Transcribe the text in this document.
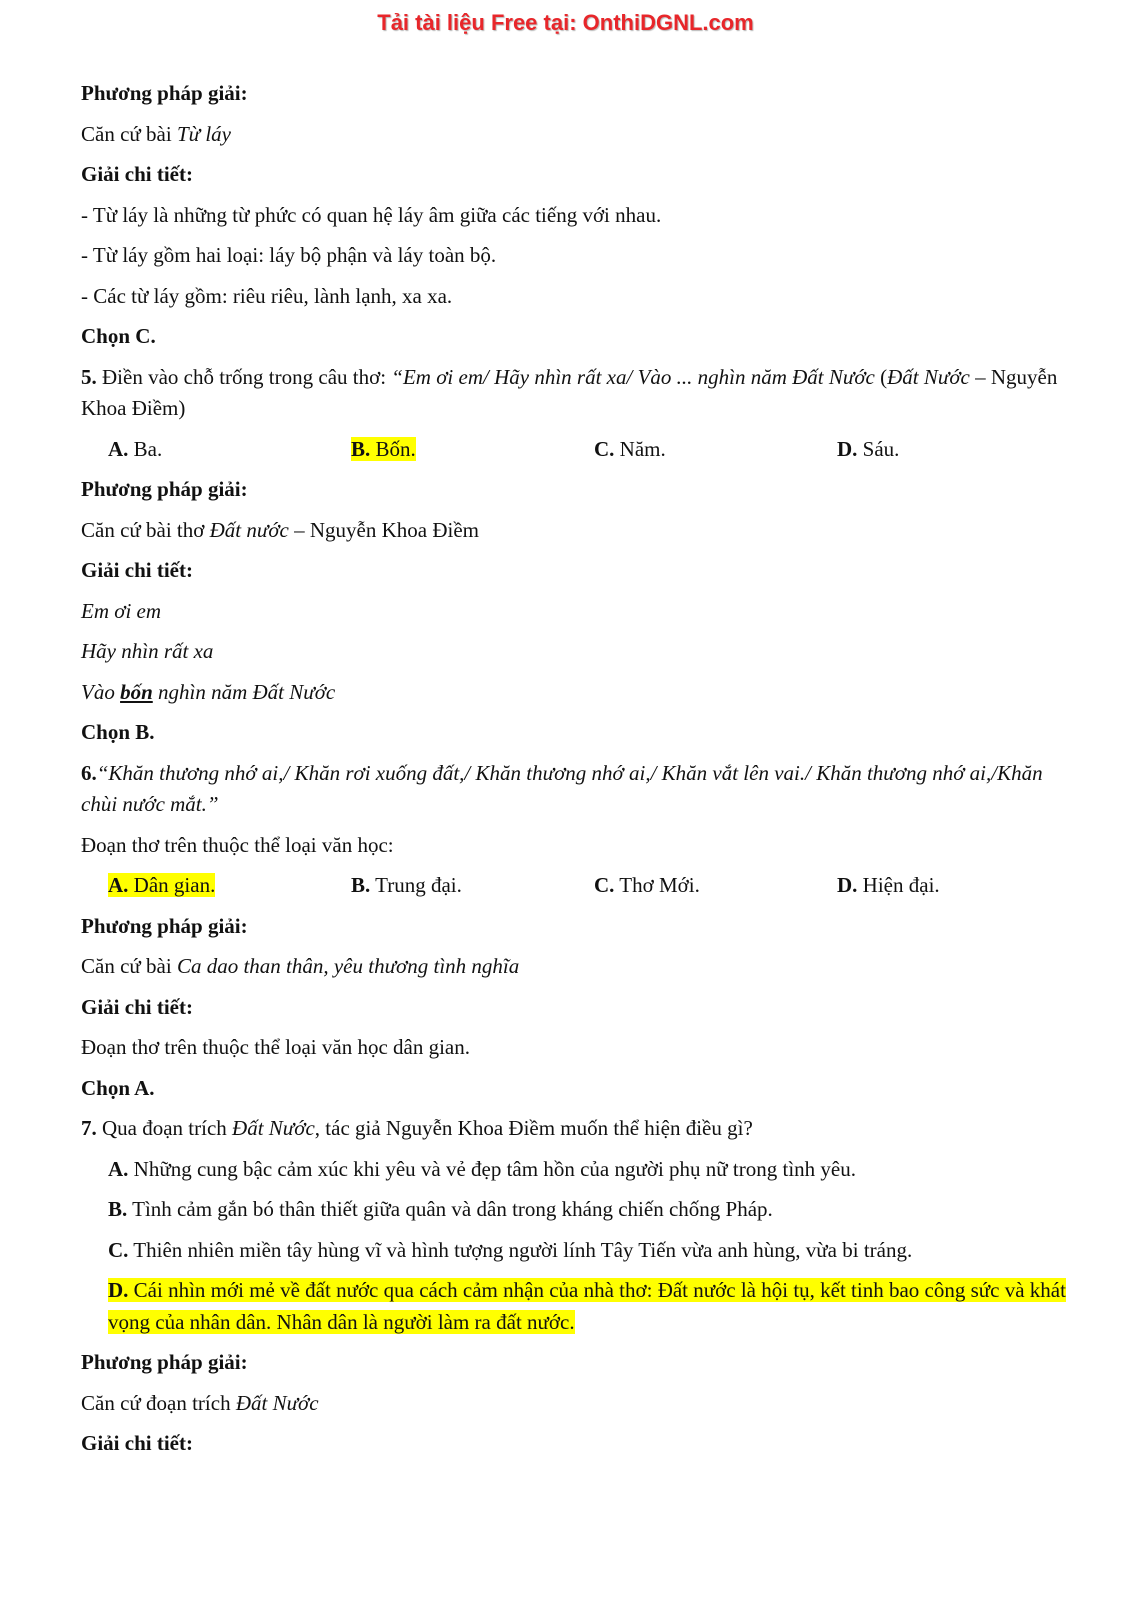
Tải tài liệu Free tại: OnthiDGNL.com
Phương pháp giải:
Căn cứ bài Từ láy
Giải chi tiết:
- Từ láy là những từ phức có quan hệ láy âm giữa các tiếng với nhau.
- Từ láy gồm hai loại: láy bộ phận và láy toàn bộ.
- Các từ láy gồm: riêu riêu, lành lạnh, xa xa.
Chọn C.
5. Điền vào chỗ trống trong câu thơ: “Em ơi em/ Hãy nhìn rất xa/ Vào ... nghìn năm Đất Nước (Đất Nước – Nguyễn Khoa Điềm)
A. Ba.	B. Bốn.	C. Năm.	D. Sáu.
Phương pháp giải:
Căn cứ bài thơ Đất nước – Nguyễn Khoa Điềm
Giải chi tiết:
Em ơi em
Hãy nhìn rất xa
Vào bốn nghìn năm Đất Nước
Chọn B.
6.“Khăn thương nhớ ai,/ Khăn rơi xuống đất,/ Khăn thương nhớ ai,/ Khăn vắt lên vai./ Khăn thương nhớ ai,/Khăn chùi nước mắt.”
Đoạn thơ trên thuộc thể loại văn học:
A. Dân gian.	B. Trung đại.	C. Thơ Mới.	D. Hiện đại.
Phương pháp giải:
Căn cứ bài Ca dao than thân, yêu thương tình nghĩa
Giải chi tiết:
Đoạn thơ trên thuộc thể loại văn học dân gian.
Chọn A.
7. Qua đoạn trích Đất Nước, tác giả Nguyễn Khoa Điềm muốn thể hiện điều gì?
A. Những cung bậc cảm xúc khi yêu và vẻ đẹp tâm hồn của người phụ nữ trong tình yêu.
B. Tình cảm gắn bó thân thiết giữa quân và dân trong kháng chiến chống Pháp.
C. Thiên nhiên miền tây hùng vĩ và hình tượng người lính Tây Tiến vừa anh hùng, vừa bi tráng.
D. Cái nhìn mới mẻ về đất nước qua cách cảm nhận của nhà thơ: Đất nước là hội tụ, kết tinh bao công sức và khát vọng của nhân dân. Nhân dân là người làm ra đất nước.
Phương pháp giải:
Căn cứ đoạn trích Đất Nước
Giải chi tiết:
